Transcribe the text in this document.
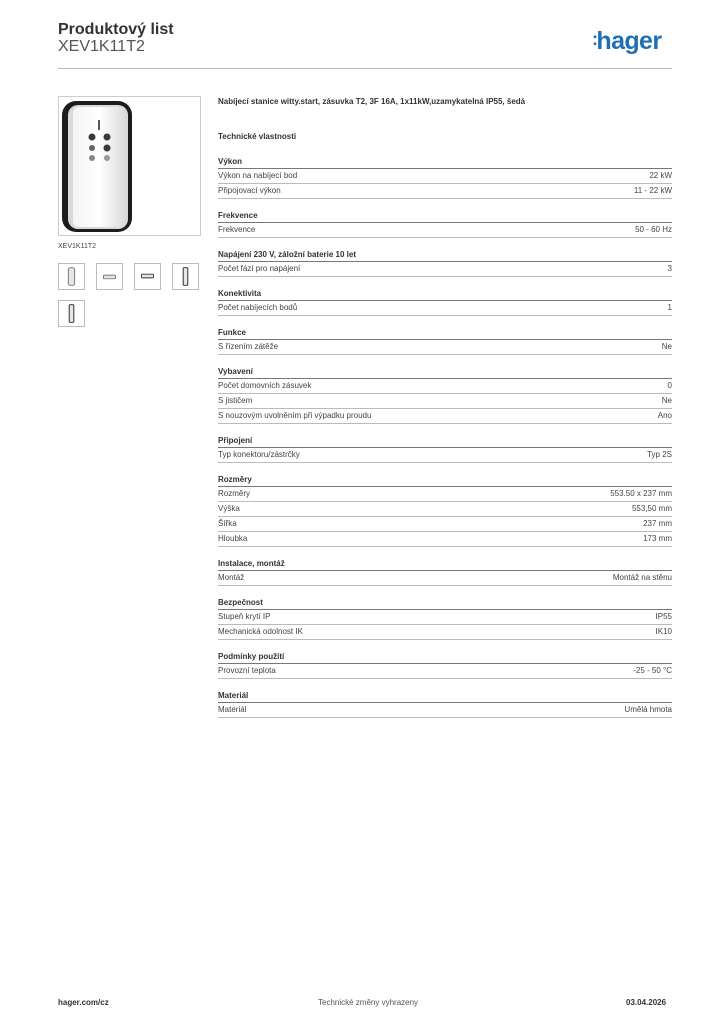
Produktový list
XEV1K11T2	:hager
XEV1K11T2
Nabíjecí stanice witty.start, zásuvka T2, 3F 16A, 1x11kW,uzamykatelná IP55, šedá
Technické vlastnosti
Výkon
Výkon na nabíjecí bod	22 kW
Připojovací výkon	11 - 22 kW
Frekvence
Frekvence	50 - 60 Hz
Napájení 230 V, záložní baterie 10 let
Počet fází pro napájení	3
Konektivita
Počet nabíjecích bodů	1
Funkce
S řízením zátěže	Ne
Vybavení
Počet domovních zásuvek	0
S jističem	Ne
S nouzovým uvolněním při výpadku proudu	Ano
Připojení
Typ konektoru/zástrčky	Typ 2S
Rozměry
Rozměry	553.50 x 237 mm
Výška	553,50 mm
Šířka	237 mm
Hloubka	173 mm
Instalace, montáž
Montáž	Montáž na stěnu
Bezpečnost
Stupeň krytí IP	IP55
Mechanická odolnost IK	IK10
Podmínky použití
Provozní teplota	-25 - 50 °C
Materiál
Materiál	Umělá hmota
hager.com/cz	Technické změny vyhrazeny	03.04.2026
